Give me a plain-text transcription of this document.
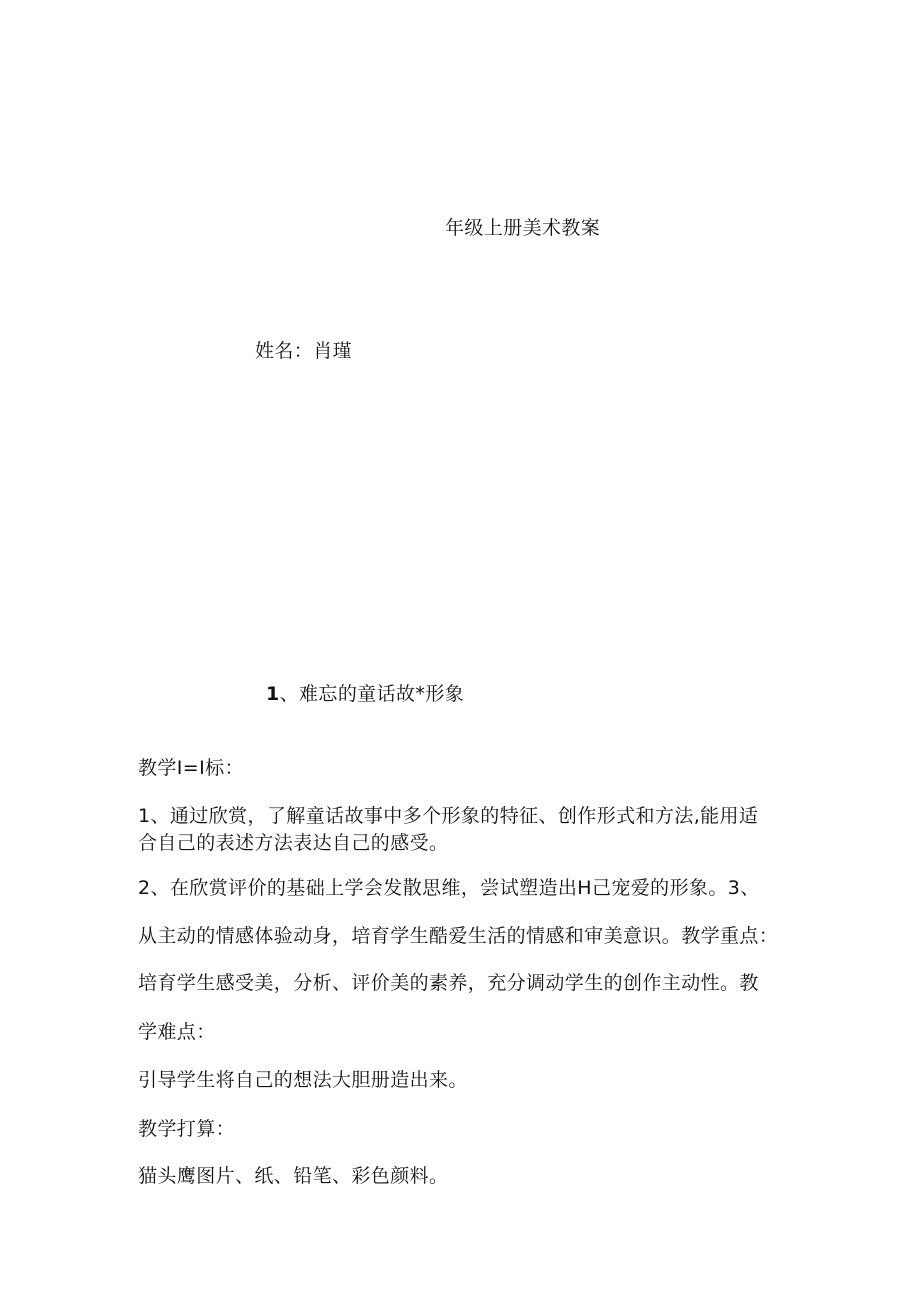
年级上册美术教案

姓名：肖瑾

1、难忘的童话故*形象

教学I=I标：

1、通过欣赏，了解童话故事中多个形象的特征、创作形式和方法,能用适

合自己的表述方法表达自己的感受。

2、在欣赏评价的基础上学会发散思维，尝试塑造出H己宠爱的形象。3、

从主动的情感体验动身，培育学生酷爱生活的情感和审美意识。教学重点：

培育学生感受美，分析、评价美的素养，充分调动学生的创作主动性。教

学难点：

引导学生将自己的想法大胆册造出来。

教学打算：

猫头鹰图片、纸、铅笔、彩色颜料。
